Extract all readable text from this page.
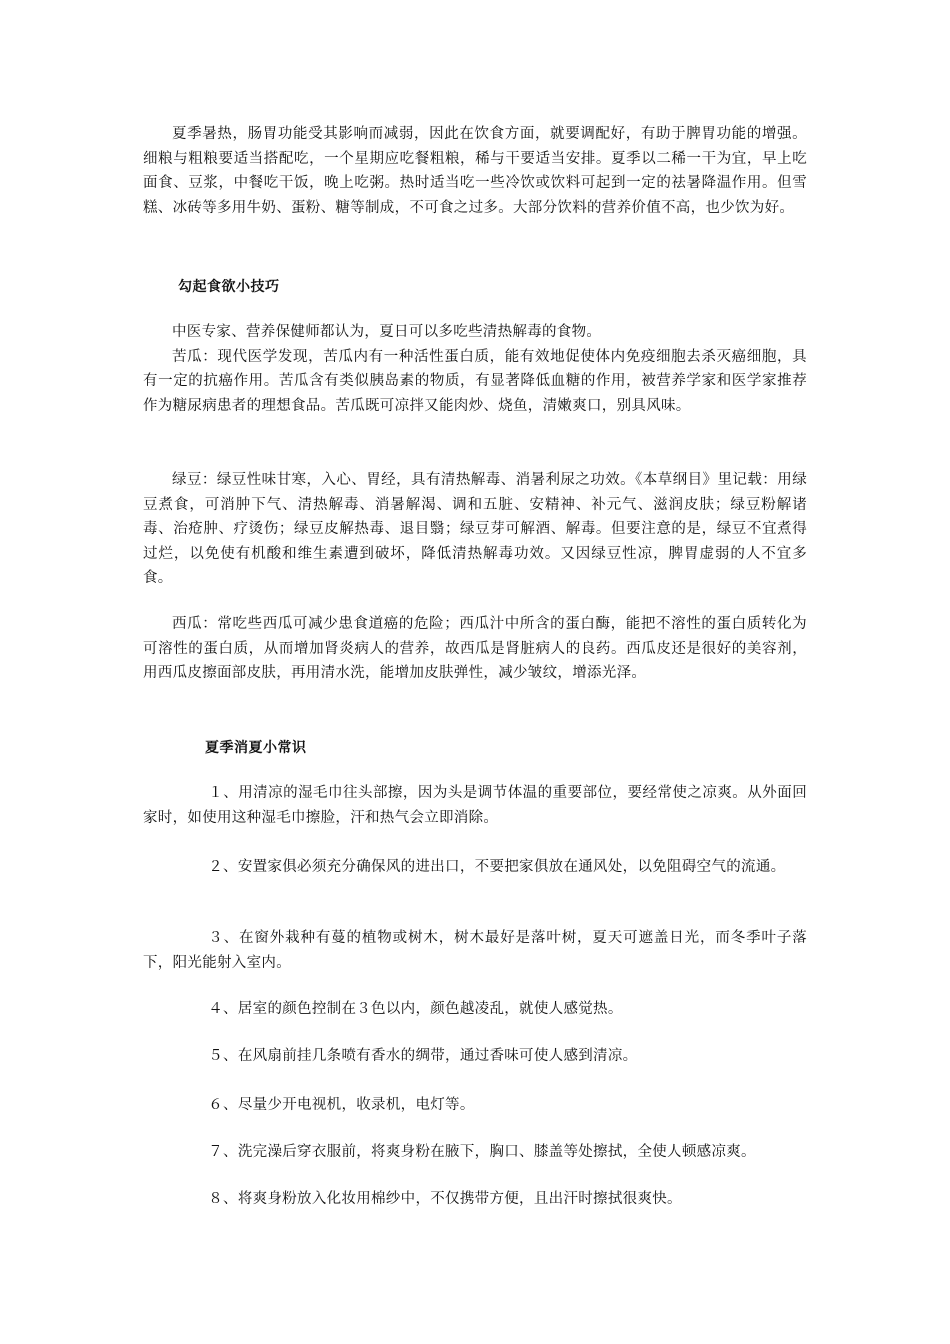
夏季暑热，肠胃功能受其影响而减弱，因此在饮食方面，就要调配好，有助于脾胃功能的增强。细粮与粗粮要适当搭配吃，一个星期应吃餐粗粮，稀与干要适当安排。夏季以二稀一干为宜，早上吃面食、豆浆，中餐吃干饭，晚上吃粥。热时适当吃一些冷饮或饮料可起到一定的祛暑降温作用。但雪糕、冰砖等多用牛奶、蛋粉、糖等制成，不可食之过多。大部分饮料的营养价值不高，也少饮为好。

勾起食欲小技巧

中医专家、营养保健师都认为，夏日可以多吃些清热解毒的食物。

苦瓜：现代医学发现，苦瓜内有一种活性蛋白质，能有效地促使体内免疫细胞去杀灭癌细胞，具有一定的抗癌作用。苦瓜含有类似胰岛素的物质，有显著降低血糖的作用，被营养学家和医学家推荐作为糖尿病患者的理想食品。苦瓜既可凉拌又能肉炒、烧鱼，清嫩爽口，别具风味。

绿豆：绿豆性味甘寒，入心、胃经，具有清热解毒、消暑利尿之功效。《本草纲目》里记载：用绿豆煮食，可消肿下气、清热解毒、消暑解渴、调和五脏、安精神、补元气、滋润皮肤；绿豆粉解诸毒、治疮肿、疗烫伤；绿豆皮解热毒、退目翳；绿豆芽可解酒、解毒。但要注意的是，绿豆不宜煮得过烂，以免使有机酸和维生素遭到破坏，降低清热解毒功效。又因绿豆性凉，脾胃虚弱的人不宜多食。

西瓜：常吃些西瓜可减少患食道癌的危险；西瓜汁中所含的蛋白酶，能把不溶性的蛋白质转化为可溶性的蛋白质，从而增加肾炎病人的营养，故西瓜是肾脏病人的良药。西瓜皮还是很好的美容剂，用西瓜皮擦面部皮肤，再用清水洗，能增加皮肤弹性，减少皱纹，增添光泽。

夏季消夏小常识

１、用清凉的湿毛巾往头部擦，因为头是调节体温的重要部位，要经常使之凉爽。从外面回家时，如使用这种湿毛巾擦脸，汗和热气会立即消除。

２、安置家俱必须充分确保风的进出口，不要把家俱放在通风处，以免阻碍空气的流通。

３、在窗外栽种有蔓的植物或树木，树木最好是落叶树，夏天可遮盖日光，而冬季叶子落下，阳光能射入室内。

４、居室的颜色控制在３色以内，颜色越凌乱，就使人感觉热。

５、在风扇前挂几条喷有香水的绸带，通过香味可使人感到清凉。

６、尽量少开电视机，收录机，电灯等。

７、洗完澡后穿衣服前，将爽身粉在腋下，胸口、膝盖等处擦拭，全使人顿感凉爽。

８、将爽身粉放入化妆用棉纱中，不仅携带方便，且出汗时擦拭很爽快。
